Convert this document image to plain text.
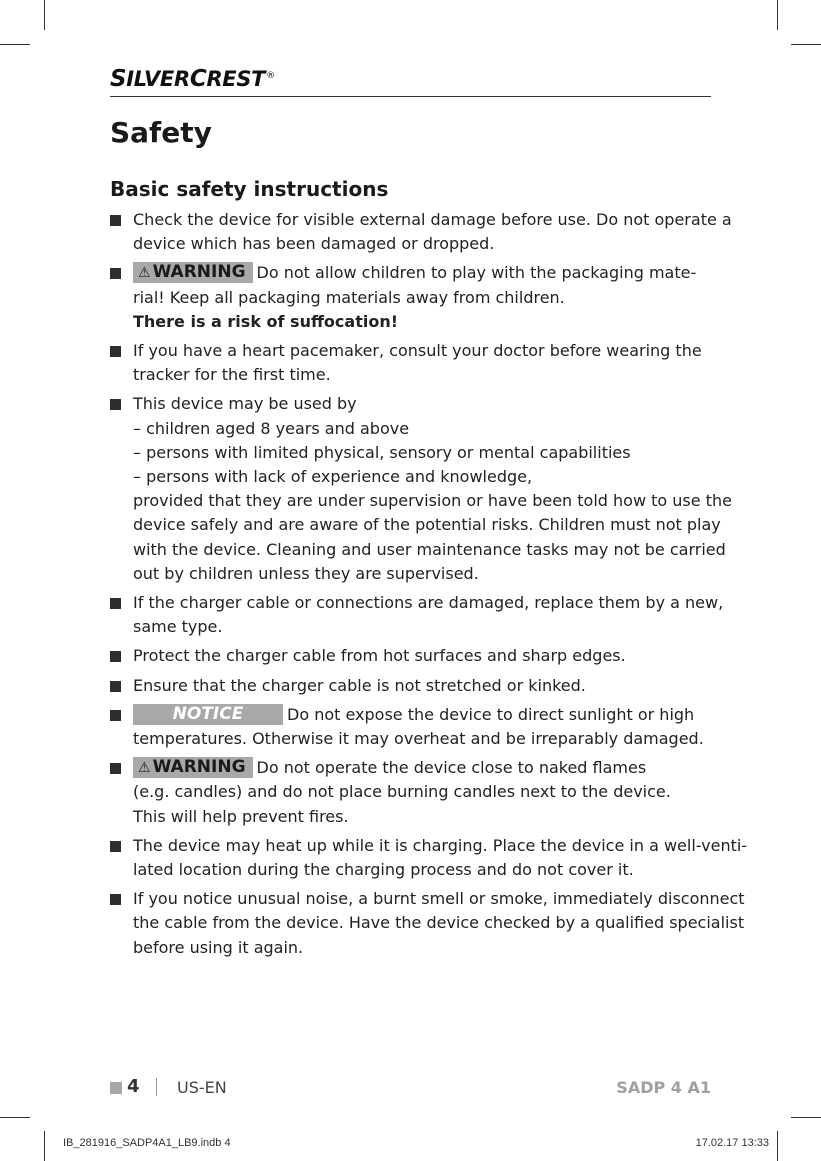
SILVERCREST®
Safety
Basic safety instructions
Check the device for visible external damage before use. Do not operate a
device which has been damaged or dropped.
⚠ WARNING Do not allow children to play with the packaging mate-
rial! Keep all packaging materials away from children.
There is a risk of suffocation!
If you have a heart pacemaker, consult your doctor before wearing the
tracker for the first time.
This device may be used by
– children aged 8 years and above
– persons with limited physical, sensory or mental capabilities
– persons with lack of experience and knowledge,
provided that they are under supervision or have been told how to use the
device safely and are aware of the potential risks. Children must not play
with the device. Cleaning and user maintenance tasks may not be carried
out by children unless they are supervised.
If the charger cable or connections are damaged, replace them by a new,
same type.
Protect the charger cable from hot surfaces and sharp edges.
Ensure that the charger cable is not stretched or kinked.
NOTICE	Do not expose the device to direct sunlight or high
temperatures. Otherwise it may overheat and be irreparably damaged.
⚠ WARNING Do not operate the device close to naked flames
(e.g. candles) and do not place burning candles next to the device.
This will help prevent fires.
The device may heat up while it is charging. Place the device in a well-venti-
lated location during the charging process and do not cover it.
If you notice unusual noise, a burnt smell or smoke, immediately disconnect
the cable from the device. Have the device checked by a qualified specialist
before using it again.
4 US-EN	SADP 4 A1
IB_281916_SADP4A1_LB9.indb 4	17.02.17 13:33
